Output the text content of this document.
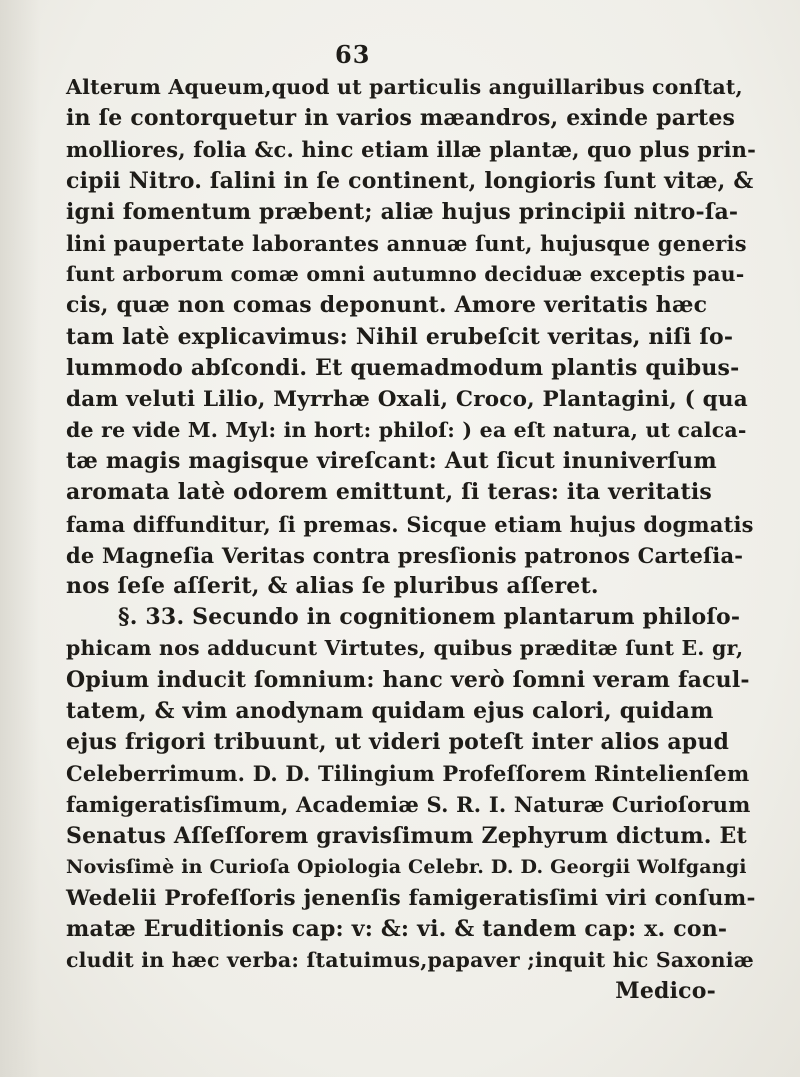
63
Alterum Aqueum,quod ut particulis anguillaribus conſtat,
in ſe contorquetur in varios mæandros, exinde partes
molliores, folia &c. hinc etiam illæ plantæ, quo plus prin-
cipii Nitro. ſalini in ſe continent, longioris ſunt vitæ, &
igni fomentum præbent; aliæ hujus principii nitro-ſa-
lini paupertate laborantes annuæ ſunt, hujusque generis
ſunt arborum comæ omni autumno deciduæ exceptis pau-
cis, quæ non comas deponunt. Amore veritatis hæc
tam latè explicavimus: Nihil erubeſcit veritas, niſi ſo-
lummodo abſcondi. Et quemadmodum plantis quibus-
dam veluti Lilio, Myrrhæ Oxali, Croco, Plantagini, ( qua
de re vide M. Myl: in hort: philoſ: ) ea eſt natura, ut calca-
tæ magis magisque vireſcant: Aut ſicut inuniverſum
aromata latè odorem emittunt, ſi teras: ita veritatis
fama diffunditur, ſi premas. Sicque etiam hujus dogmatis
de Magneſia Veritas contra presſionis patronos Carteſia-
nos ſeſe aſſerit, & alias ſe pluribus aſſeret.
§. 33. Secundo in cognitionem plantarum philoſo-
phicam nos adducunt Virtutes, quibus præditæ ſunt E. gr,
Opium inducit ſomnium: hanc verò ſomni veram facul-
tatem, & vim anodynam quidam ejus calori, quidam
ejus frigori tribuunt, ut videri poteſt inter alios apud
Celeberrimum. D. D. Tilingium Profeſſorem Rintelienſem
famigeratisſimum, Academiæ S. R. I. Naturæ Curioſorum
Senatus Aſſeſſorem gravisſimum Zephyrum dictum. Et
Novisſimè in Curioſa Opiologia Celebr. D. D. Georgii Wolfgangi
Wedelii Profeſſoris jenenſis famigeratisſimi viri conſum-
matæ Eruditionis cap: v: &: vi. & tandem cap: x. con-
cludit in hæc verba: ſtatuimus,papaver ;inquit hic Saxoniæ
Medico-
